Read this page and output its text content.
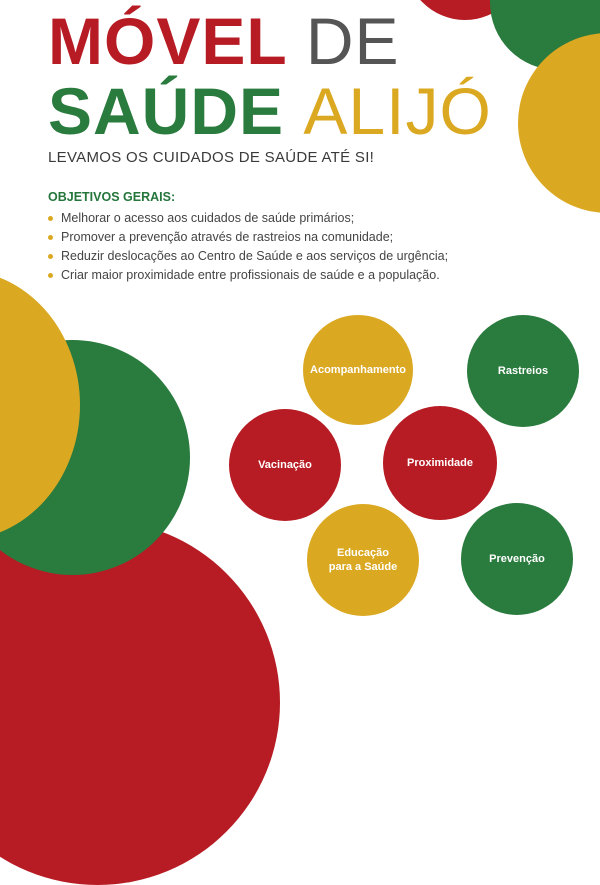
MÓVEL DE
SAÚDE ALIJÓ

LEVAMOS OS CUIDADOS DE SAÚDE ATÉ SI!

OBJETIVOS GERAIS:

Melhorar o acesso aos cuidados de saúde primários;
Promover a prevenção através de rastreios na comunidade;
Reduzir deslocações ao Centro de Saúde e aos serviços de urgência;
Criar maior proximidade entre profissionais de saúde e a população.
Acompanhamento	Rastreios
Vacinação	Proximidade
Educação
para a Saúde
Prevenção
